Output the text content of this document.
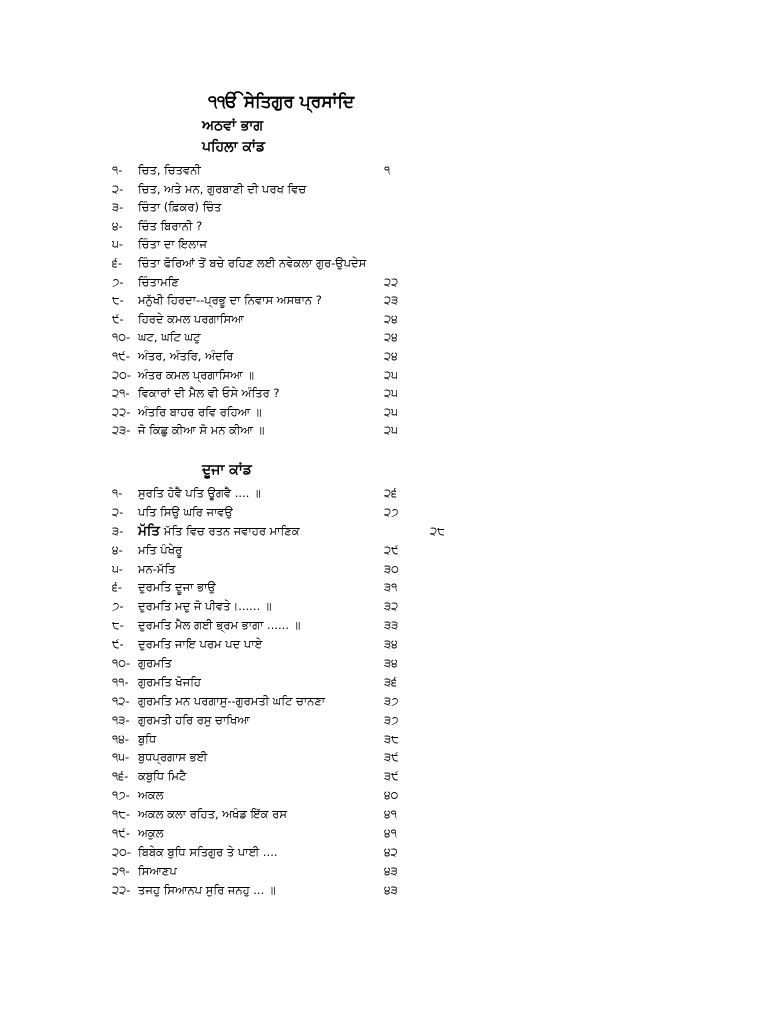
੧ੴ ਸੇਤਿਗੁਰ ਪ੍ਰਸਾਂਦਿ
ਅਠਵਾਂ ਭਾਗ
ਪਹਿਲਾ ਕਾਂਡ
੧- ਚਿਤ, ਚਿਤਵਨੀ	੧
੨- ਚਿਤ, ਅਤੇ ਮਨ, ਗੁਰਬਾਣੀ ਦੀ ਪਰਖ ਵਿਚ
੩- ਚਿੰਤਾ (ਫ਼ਿਕਰ) ਚਿੰਤ
੪- ਚਿੰਤ ਬਿਰਾਨੀ ?
੫- ਚਿੰਤਾ ਦਾ ਇਲਾਜ
੬- ਚਿੰਤਾ ਫੋਰਿਆਂ ਤੋਂ ਬਚੇ ਰਹਿਣ ਲਈ ਨਵੇਕਲਾ ਗੁਰ-ਉਪਦੇਸ
੭- ਚਿੰਤਾਮਣਿ	੨੨
੮- ਮਨੁੱਖੀ ਹਿਰਦਾ--ਪ੍ਰਭੂ ਦਾ ਨਿਵਾਸ ਅਸਥਾਨ ?	੨੩
੯- ਹਿਰਦੇ ਕਮਲ ਪਰਗਾਸਿਆ	੨੪
੧੦- ਘਟ, ਘਟਿ ਘਟੁ	੨੪
੧੯- ਅੰਤਰ, ਅੰਤਰਿ, ਅੰਦਰਿ	੨੪
੨੦- ਅੰਤਰ ਕਮਲ ਪ੍ਰਗਾਸਿਆ ॥	੨੫
੨੧- ਵਿਕਾਰਾਂ ਦੀ ਮੈਲ ਵੀ ਓਸੇ ਅੰਤਿਰ ?	੨੫
੨੨- ਅੰਤਰਿ ਬਾਹਰ ਰਵਿ ਰਹਿਆ ॥	੨੫
੨੩- ਜੋ ਕਿਛੁ ਕੀਆ ਸੋ ਮਨ ਕੀਆ ॥	੨੫
ਦੂਜਾ ਕਾਂਡ
੧- ਸੁਰਤਿ ਹੋਵੈ ਪਤਿ ਊਗਵੈ .... ॥	੨੬
੨- ਪਤਿ ਸਿਉ ਘਰਿ ਜਾਵਉ	੨੭
੩- ਮੱਤਿ ਮੱਤਿ ਵਿਚ ਰਤਨ ਜਵਾਹਰ ਮਾਣਿਕ	੨੮
੪- ਮਤਿ ਪੰਖੇਰੂ	੨੯
੫- ਮਨ-ਮੱਤਿ	੩੦
੬- ਦੁਰਮਤਿ ਦੂਜਾ ਭਾਉ	੩੧
੭- ਦੁਰਮਤਿ ਮਦੁ ਜੋ ਪੀਵਤੇ।...... ॥	੩੨
੮- ਦੁਰਮਤਿ ਮੈਲ ਗਈ ਭ੍ਰਮ ਭਾਗਾ ...... ॥	੩੩
੯- ਦੁਰਮਤਿ ਜਾਇ ਪਰਮ ਪਦ ਪਾਏ	੩੪
੧੦- ਗੁਰਮਤਿ	੩੪
੧੧- ਗੁਰਮਤਿ ਖੋਜਹਿ	੩੬
੧੨- ਗੁਰਮਤਿ ਮਨ ਪਰਗਾਸੁ--ਗੁਰਮਤੀ ਘਟਿ ਚਾਨਣਾ	੩੭
੧੩- ਗੁਰਮਤੀ ਹਰਿ ਰਸੁ ਚਾਖਿਆ	੩੭
੧੪- ਬੁਧਿ	੩੮
੧੫- ਬੁਧਪ੍ਰਗਾਸ ਭਈ	੩੯
੧੬- ਕਬੁਧਿ ਮਿਟੈ	੩੯
੧੭- ਅਕਲ	੪੦
੧੮- ਅਕਲ ਕਲਾ ਰਹਿਤ, ਅਖੰਡ ਇੱਕ ਰਸ	੪੧
੧੯- ਅਕੁਲ	੪੧
੨੦- ਬਿਬੇਕ ਬੁਧਿ ਸਤਿਗੁਰ ਤੇ ਪਾਈ ....	੪੨
੨੧- ਸਿਆਣਪ	੪੩
੨੨- ਤਜਹੁ ਸਿਆਨਪ ਸੁਰਿ ਜਨਹੁ ... ॥	੪੩
